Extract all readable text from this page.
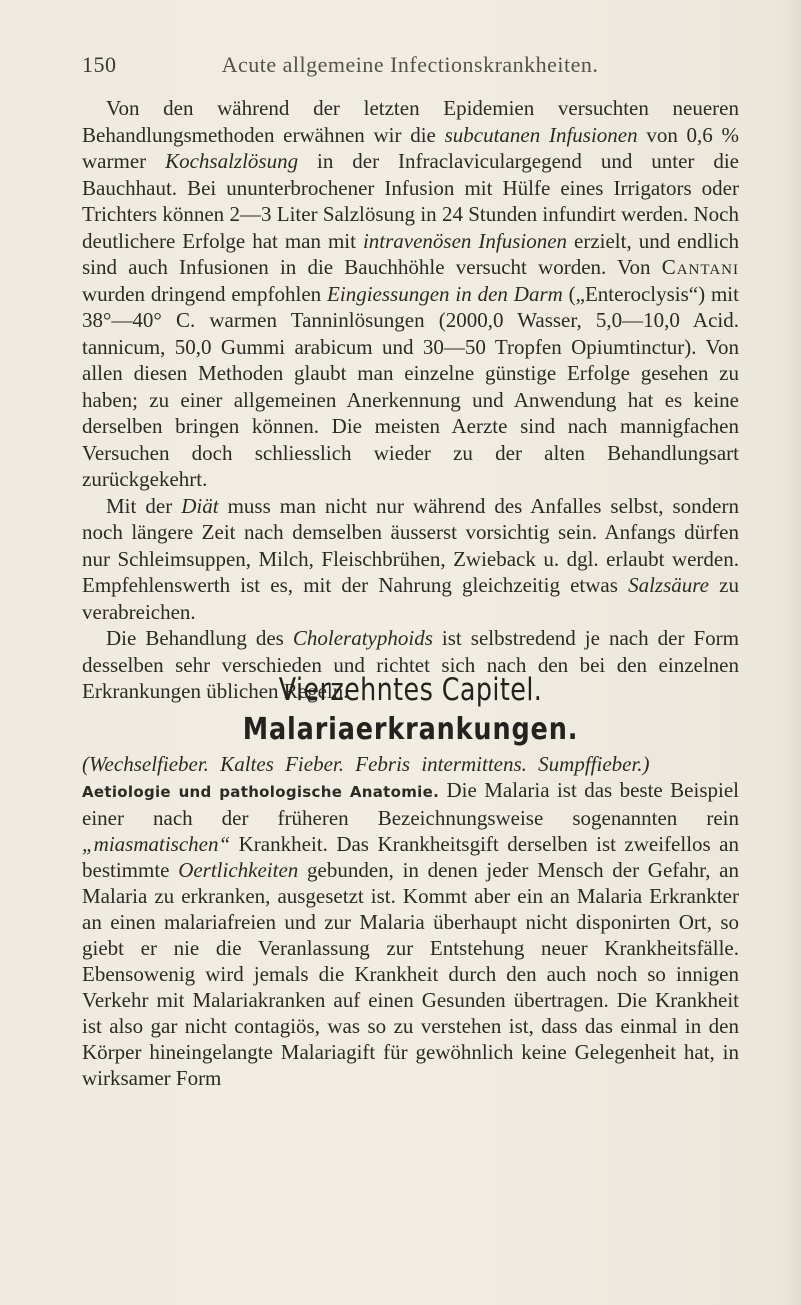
150	Acute allgemeine Infectionskrankheiten.

Von den während der letzten Epidemien versuchten neueren Behandlungsmethoden erwähnen wir die subcutanen Infusionen von 0,6 % warmer Kochsalzlösung in der Infraclaviculargegend und unter die Bauchhaut. Bei ununterbrochener Infusion mit Hülfe eines Irrigators oder Trichters können 2—3 Liter Salzlösung in 24 Stunden infundirt werden. Noch deutlichere Erfolge hat man mit intravenösen Infusionen erzielt, und endlich sind auch Infusionen in die Bauchhöhle versucht worden. Von Cantani wurden dringend empfohlen Eingiessungen in den Darm („Enteroclysis“) mit 38°—40° C. warmen Tanninlösungen (2000,0 Wasser, 5,0—10,0 Acid. tannicum, 50,0 Gummi arabicum und 30—50 Tropfen Opiumtinctur). Von allen diesen Methoden glaubt man einzelne günstige Erfolge gesehen zu haben; zu einer allgemeinen Anerkennung und Anwendung hat es keine derselben bringen können. Die meisten Aerzte sind nach mannigfachen Versuchen doch schliesslich wieder zu der alten Behandlungsart zurückgekehrt.

Mit der Diät muss man nicht nur während des Anfalles selbst, sondern noch längere Zeit nach demselben äusserst vorsichtig sein. Anfangs dürfen nur Schleimsuppen, Milch, Fleischbrühen, Zwieback u. dgl. erlaubt werden. Empfehlenswerth ist es, mit der Nahrung gleichzeitig etwas Salzsäure zu verabreichen.

Die Behandlung des Choleratyphoids ist selbstredend je nach der Form desselben sehr verschieden und richtet sich nach den bei den einzelnen Erkrankungen üblichen Regeln.

Vierzehntes Capitel.
Malariaerkrankungen.
(Wechselfieber. Kaltes Fieber. Febris intermittens. Sumpffieber.)

Aetiologie und pathologische Anatomie. Die Malaria ist das beste Beispiel einer nach der früheren Bezeichnungsweise sogenannten rein „miasmatischen“ Krankheit. Das Krankheitsgift derselben ist zweifellos an bestimmte Oertlichkeiten gebunden, in denen jeder Mensch der Gefahr, an Malaria zu erkranken, ausgesetzt ist. Kommt aber ein an Malaria Erkrankter an einen malariafreien und zur Malaria überhaupt nicht disponirten Ort, so giebt er nie die Veranlassung zur Entstehung neuer Krankheitsfälle. Ebensowenig wird jemals die Krankheit durch den auch noch so innigen Verkehr mit Malariakranken auf einen Gesunden übertragen. Die Krankheit ist also gar nicht contagiös, was so zu verstehen ist, dass das einmal in den Körper hineingelangte Malariagift für gewöhnlich keine Gelegenheit hat, in wirksamer Form
